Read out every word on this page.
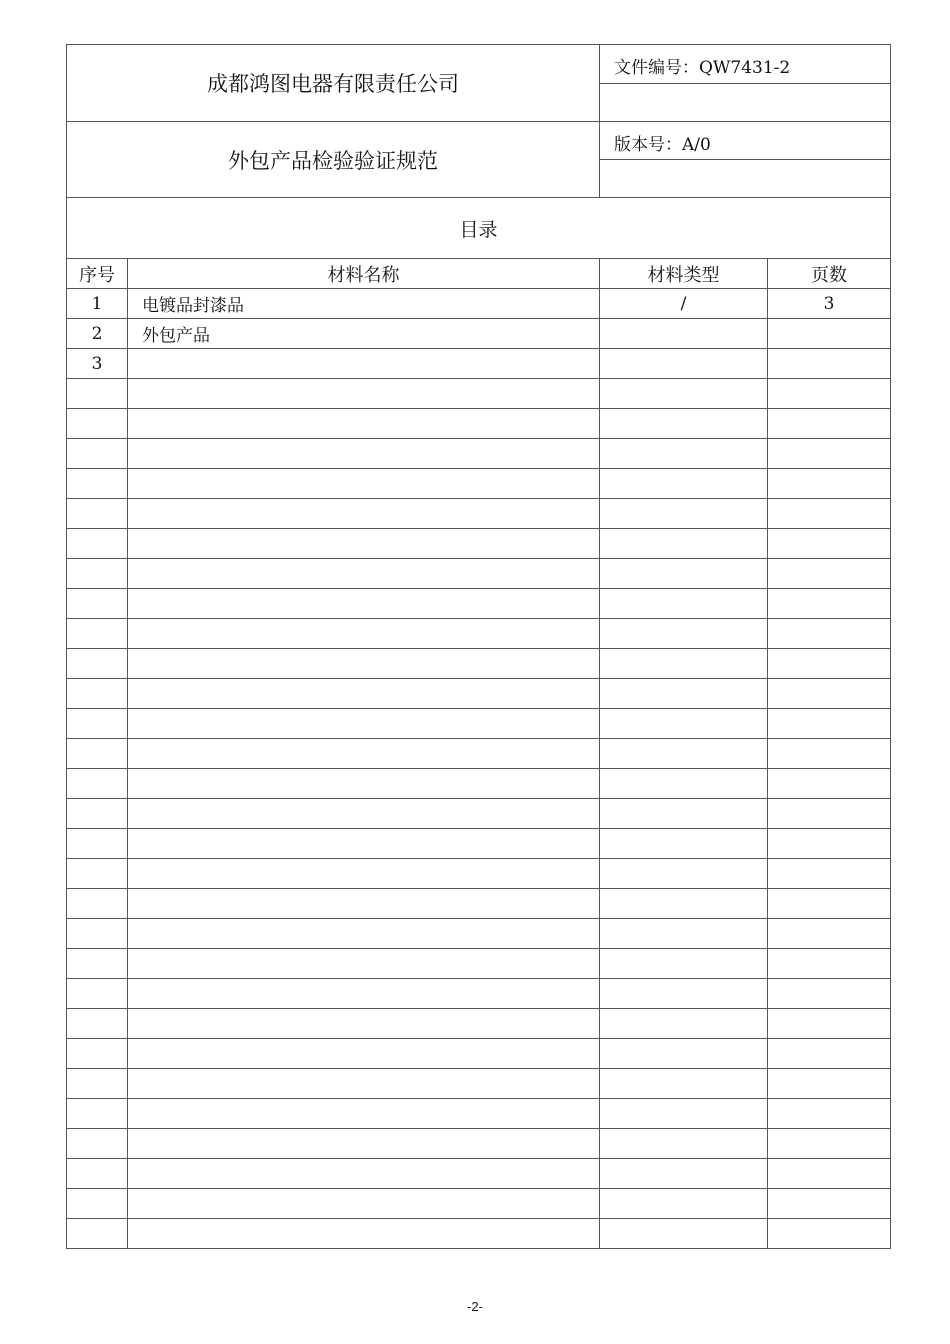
成都鸿图电器有限责任公司		文件编号：QW7431-2	

外包产品检验验证规范		版本号：A/0	

目录			
序号	材料名称	材料类型	页数
1	电镀品封漆品	/	3
2	外包产品		
3			

-2-
